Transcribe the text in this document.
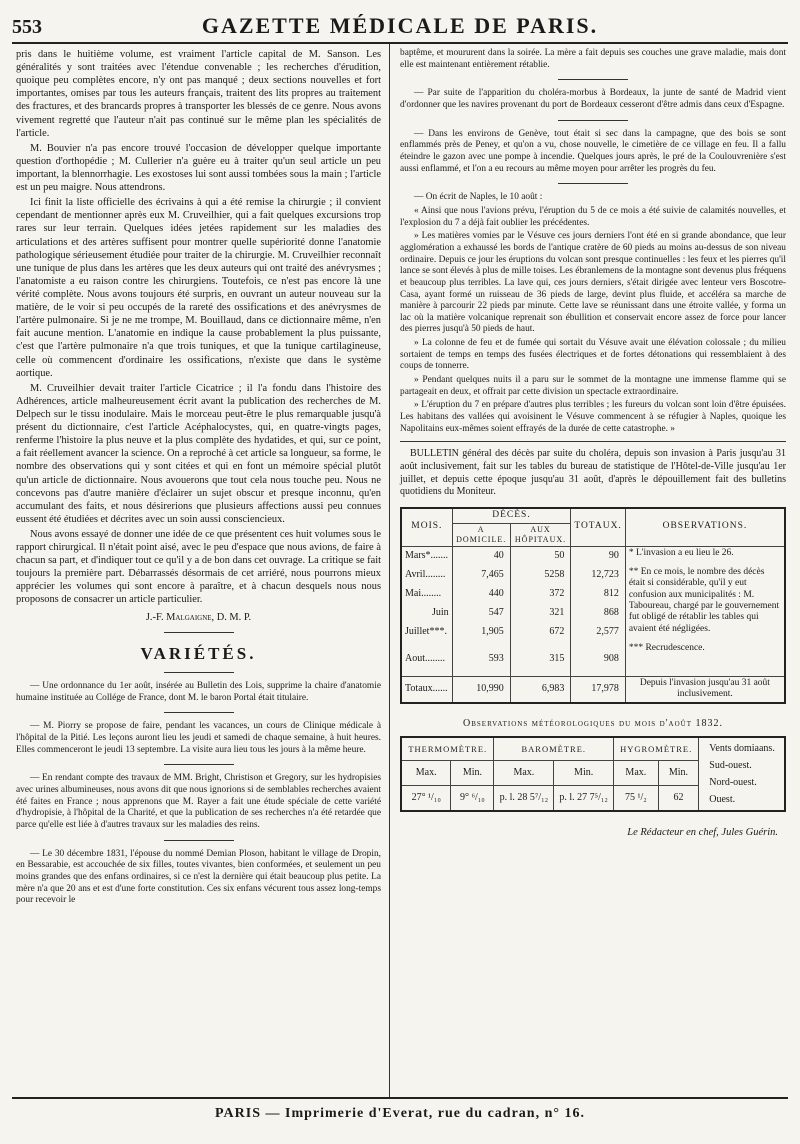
553	GAZETTE MÉDICALE DE PARIS.

pris dans le huitième volume, est vraiment l'article capital de M. Sanson. Les généralités y sont traitées avec l'étendue convenable ; les recherches d'érudition, quoique peu complètes encore, n'y ont pas manqué ; deux sections nouvelles et fort importantes, omises par tous les auteurs français, traitent des lits propres au traitement des fractures, et des brancards propres à transporter les blessés de ce genre. Nous avons vivement regretté que l'auteur n'ait pas continué sur le même plan les spécialités de l'article.

M. Bouvier n'a pas encore trouvé l'occasion de développer quelque importante question d'orthopédie ; M. Cullerier n'a guère eu à traiter qu'un seul article un peu important, la blennorrhagie. Les exostoses lui sont aussi tombées sous la main ; l'article est un peu maigre. Nous attendrons.

Ici finit la liste officielle des écrivains à qui a été remise la chirurgie ; il convient cependant de mentionner après eux M. Cruveilhier, qui a fait quelques excursions trop rares sur leur terrain. Quelques idées jetées rapidement sur les maladies des articulations et des artères suffisent pour montrer quelle supériorité donne l'anatomie pathologique sérieusement étudiée pour traiter de la chirurgie. M. Cruveilhier reconnaît une tunique de plus dans les artères que les deux auteurs qui ont traité des anévrysmes ; l'anatomiste a eu raison contre les chirurgiens. Toutefois, ce n'est pas encore là une vérité complète. Nous avons toujours été surpris, en ouvrant un auteur nouveau sur la matière, de le voir si peu occupés de la rareté des ossifications et des anévrysmes de l'artère pulmonaire. Si je ne me trompe, M. Bouillaud, dans ce dictionnaire même, n'en fait aucune mention. L'anatomie en indique la cause probablement la plus puissante, c'est que l'artère pulmonaire n'a que trois tuniques, et que la tunique cartilagineuse, celle où commencent d'ordinaire les ossifications, n'existe que dans le système aortique.

M. Cruveilhier devait traiter l'article Cicatrice ; il l'a fondu dans l'histoire des Adhérences, article malheureusement écrit avant la publication des recherches de M. Delpech sur le tissu inodulaire. Mais le morceau peut-être le plus remarquable jusqu'à présent du dictionnaire, c'est l'article Acéphalocystes, qui, en quatre-vingts pages, renferme l'histoire la plus neuve et la plus complète des hydatides, et qui, sur ce point, a fait réellement avancer la science. On a reproché à cet article sa longueur, sa forme, le nombre des observations qui y sont citées et qui en font un mémoire spécial plutôt qu'un article de dictionnaire. Nous avouerons que tout cela nous touche peu. Nous ne concevons pas d'autre manière d'éclairer un sujet obscur et presque inconnu, qu'en accumulant des faits, et nous désirerions que plusieurs affections aussi peu connues eussent été étudiées et décrites avec un soin aussi consciencieux.

Nous avons essayé de donner une idée de ce que présentent ces huit volumes sous le rapport chirurgical. Il n'était point aisé, avec le peu d'espace que nous avions, de faire à chacun sa part, et d'indiquer tout ce qu'il y a de bon dans cet ouvrage. La critique se fait toujours la première part. Débarrassés désormais de cet arriéré, nous pourrons mieux apprécier les volumes qui sont encore à paraître, et à chacun desquels nous nous proposons de consacrer un article particulier.

J.-F. Malgaigne, D. M. P.
VARIÉTÉS.

— Une ordonnance du 1er août, insérée au Bulletin des Lois, supprime la chaire d'anatomie humaine instituée au Collége de France, dont M. le baron Portal était titulaire.

— M. Piorry se propose de faire, pendant les vacances, un cours de Clinique médicale à l'hôpital de la Pitié. Les leçons auront lieu les jeudi et samedi de chaque semaine, à huit heures. Elles commenceront le jeudi 13 septembre. La visite aura lieu tous les jours à la même heure.

— En rendant compte des travaux de MM. Bright, Christison et Gregory, sur les hydropisies avec urines albumineuses, nous avons dit que nous ignorions si de semblables recherches avaient été faites en France ; nous apprenons que M. Rayer a fait une étude spéciale de cette variété d'hydropisie, à l'hôpital de la Charité, et que la publication de ses recherches n'a été retardée que parce qu'elle est liée à d'autres travaux sur les maladies des reins.

— Le 30 décembre 1831, l'épouse du nommé Demian Ploson, habitant le village de Dropin, en Bessarabie, est accouchée de six filles, toutes vivantes, bien conformées, et seulement un peu moins grandes que des enfans ordinaires, si ce n'est la dernière qui était beaucoup plus petite. La mère n'a que 20 ans et est d'une forte constitution. Ces six enfans vécurent tous assez long-temps pour recevoir le

baptême, et moururent dans la soirée. La mère a fait depuis ses couches une grave maladie, mais dont elle est maintenant entièrement rétablie.

— Par suite de l'apparition du choléra-morbus à Bordeaux, la junte de santé de Madrid vient d'ordonner que les navires provenant du port de Bordeaux cesseront d'être admis dans ceux d'Espagne.

— Dans les environs de Genève, tout était si sec dans la campagne, que des bois se sont enflammés près de Peney, et qu'on a vu, chose nouvelle, le cimetière de ce village en feu. Il a fallu éteindre le gazon avec une pompe à incendie. Quelques jours après, le pré de la Coulouvrenière s'est aussi enflammé, et l'on a eu recours au même moyen pour arrêter les progrès du feu.

— On écrit de Naples, le 10 août :

« Ainsi que nous l'avions prévu, l'éruption du 5 de ce mois a été suivie de calamités nouvelles, et l'explosion du 7 a déjà fait oublier les précédentes.

» Les matières vomies par le Vésuve ces jours derniers l'ont été en si grande abondance, que leur agglomération a exhaussé les bords de l'antique cratère de 60 pieds au moins au-dessus de son niveau ordinaire. Depuis ce jour les éruptions du volcan sont presque continuelles : les feux et les pierres qu'il lance se sont élevés à plus de mille toises. Les ébranlemens de la montagne sont devenus plus fréquens et beaucoup plus terribles. La lave qui, ces jours derniers, s'était dirigée avec lenteur vers Boscotre-Casa, ayant formé un ruisseau de 36 pieds de large, devint plus fluide, et accéléra sa marche de manière à parcourir 22 pieds par minute. Cette lave se réunissant dans une étroite vallée, y forma un lac où la matière volcanique reprenait son ébullition et conservait encore assez de force pour lancer des pierres jusqu'à 50 pieds de haut.

» La colonne de feu et de fumée qui sortait du Vésuve avait une élévation colossale ; du milieu sortaient de temps en temps des fusées électriques et de fortes détonations qui ressemblaient à des coups de tonnerre.

» Pendant quelques nuits il a paru sur le sommet de la montagne une immense flamme qui se partageait en deux, et offrait par cette division un spectacle extraordinaire.

» L'éruption du 7 en prépare d'autres plus terribles ; les fureurs du volcan sont loin d'être épuisées. Les habitans des vallées qui avoisinent le Vésuve commencent à se réfugier à Naples, quoique les Napolitains eux-mêmes soient effrayés de la durée de cette catastrophe. »

BULLETIN général des décès par suite du choléra, depuis son invasion à Paris jusqu'au 31 août inclusivement, fait sur les tables du bureau de statistique de l'Hôtel-de-Ville jusqu'au 1er juillet, et depuis cette époque jusqu'au 31 août, d'après le dépouillement fait des bulletins quotidiens du Moniteur.
MOIS.	DÉCÈS.		TOTAUX.	OBSERVATIONS.
	A DOMICILE.	AUX HÔPITAUX.		
Mars*.......	40	50	90	* L'invasion a eu lieu le 26.
Avril........	7,465	5258	12,723	** En ce mois, le nombre des décès était si considérable, qu'il y eut confusion aux municipalités : M. Taboureau, chargé par le gouvernement fut obligé de rétablir les tables qui avaient été négligées.
Mai........	440	372	812	
Juin	547	321	868	
Juillet***.	1,905	672	2,577	
Aout........	593	315	908	*** Recrudescence.
Totaux......	10,990	6,983	17,978	Depuis l'invasion jusqu'au 31 août inclusivement.
Observations météorologiques du mois d'août 1832.
THERMOMÈTRE.		BAROMÈTRE.		HYGROMÈTRE.		Vents domiaans.
Sud-ouest.
Nord-ouest.
Ouest.

Max.	Min.	Max.	Min.	Max.	Min.	
27° ¹/₁₀	9° ⁶/₁₀	p. l. 28 5⁷/₁₂	p. l. 27 7⁵/₁₂	75 ¹/₂	62	
Le Rédacteur en chef, Jules Guérin.
PARIS — Imprimerie d'Everat, rue du cadran, n° 16.
